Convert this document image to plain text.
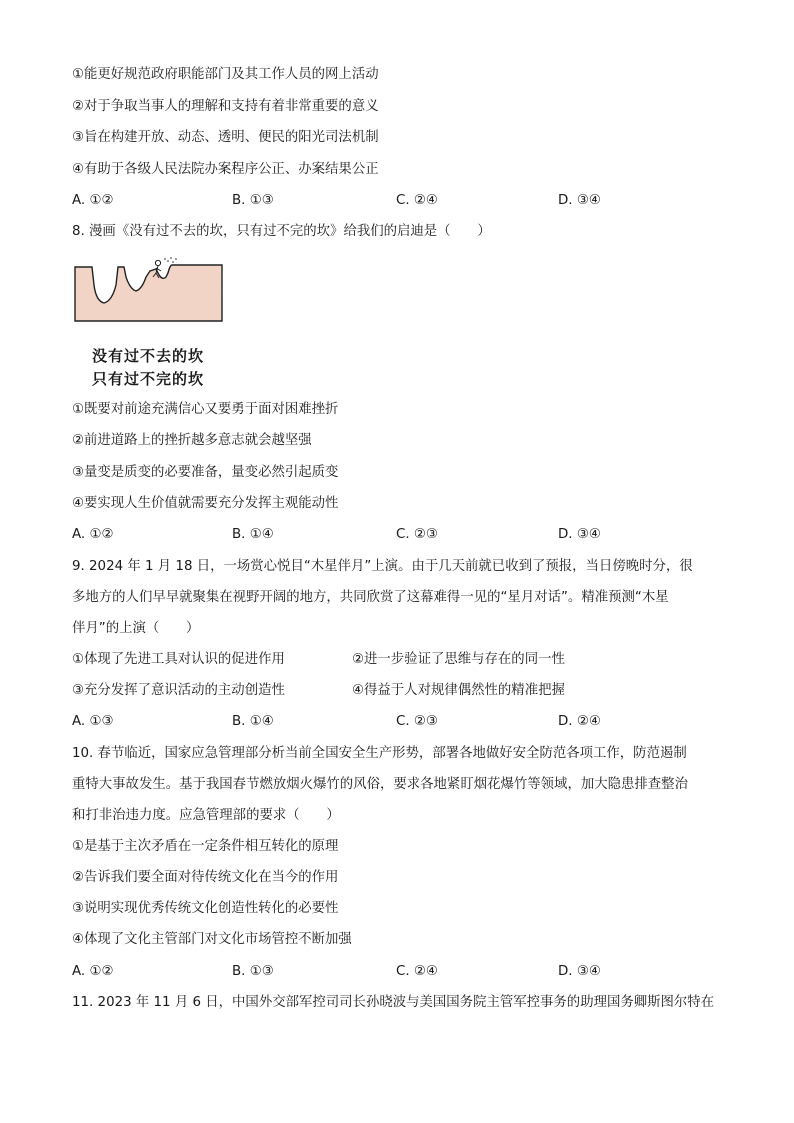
①能更好规范政府职能部门及其工作人员的网上活动
②对于争取当事人的理解和支持有着非常重要的意义
③旨在构建开放、动态、透明、便民的阳光司法机制
④有助于各级人民法院办案程序公正、办案结果公正
A. ①②	B. ①③	C. ②④	D. ③④
8. 漫画《没有过不去的坎，只有过不完的坎》给我们的启迪是（　　）
没有过不去的坎
只有过不完的坎
①既要对前途充满信心又要勇于面对困难挫折
②前进道路上的挫折越多意志就会越坚强
③量变是质变的必要准备，量变必然引起质变
④要实现人生价值就需要充分发挥主观能动性
A. ①②	B. ①④	C. ②③	D. ③④
9. 2024 年 1 月 18 日，一场赏心悦目“木星伴月”上演。由于几天前就已收到了预报，当日傍晚时分，很
多地方的人们早早就聚集在视野开阔的地方，共同欣赏了这幕难得一见的“星月对话”。精准预测“木星
伴月”的上演（　　）
①体现了先进工具对认识的促进作用	②进一步验证了思维与存在的同一性
③充分发挥了意识活动的主动创造性	④得益于人对规律偶然性的精准把握
A. ①③	B. ①④	C. ②③	D. ②④
10. 春节临近，国家应急管理部分析当前全国安全生产形势，部署各地做好安全防范各项工作，防范遏制
重特大事故发生。基于我国春节燃放烟火爆竹的风俗，要求各地紧盯烟花爆竹等领域，加大隐患排查整治
和打非治违力度。应急管理部的要求（　　）
①是基于主次矛盾在一定条件相互转化的原理
②告诉我们要全面对待传统文化在当今的作用
③说明实现优秀传统文化创造性转化的必要性
④体现了文化主管部门对文化市场管控不断加强
A. ①②	B. ①③	C. ②④	D. ③④
11. 2023 年 11 月 6 日，中国外交部军控司司长孙晓波与美国国务院主管军控事务的助理国务卿斯图尔特在
